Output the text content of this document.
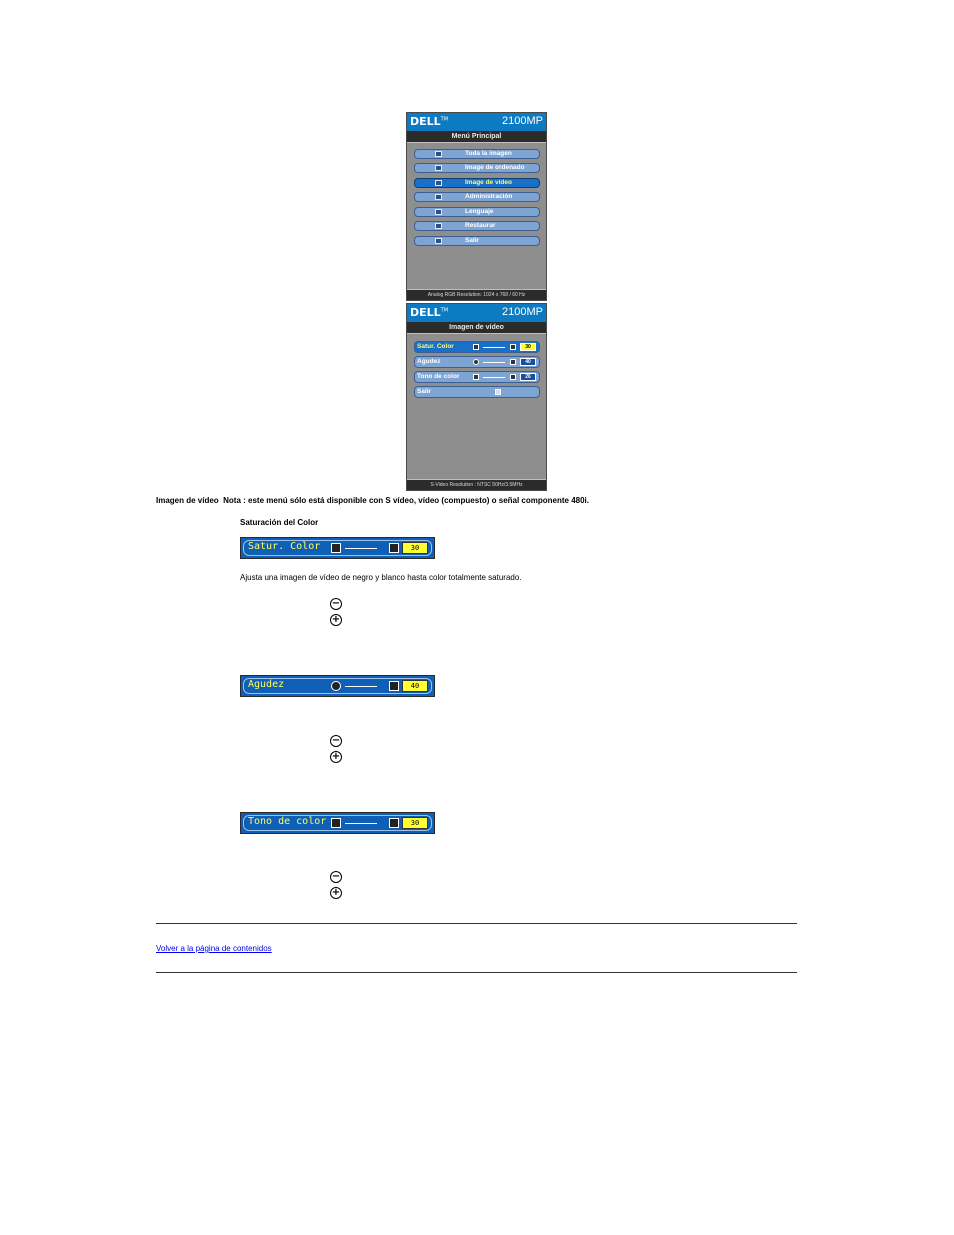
DELL™	2100MP
Menú Principal
Toda la imagen
Image de ordenado
Image de vídeo
Administración
Lenguaje
Restaurar
Salir
Analog RGB Resolution: 1024 x 768 / 60 Hz
DELL™	2100MP
Imagen de vídeo
Satur. Color	30
Agudez	40
Tono de color	26
Salir
S-Video Resolution : NTSC 50Hz/3.5MHz
Imagen de vídeo Nota : este menú sólo está disponible con S vídeo, vídeo (compuesto) o señal componente 480i.
Saturación del Color
Satur. Color	30
Ajusta una imagen de vídeo de negro y blanco hasta color totalmente saturado.
−
+
Agudez	40
−
+
Tono de color	30
−
+
Volver a la página de contenidos
